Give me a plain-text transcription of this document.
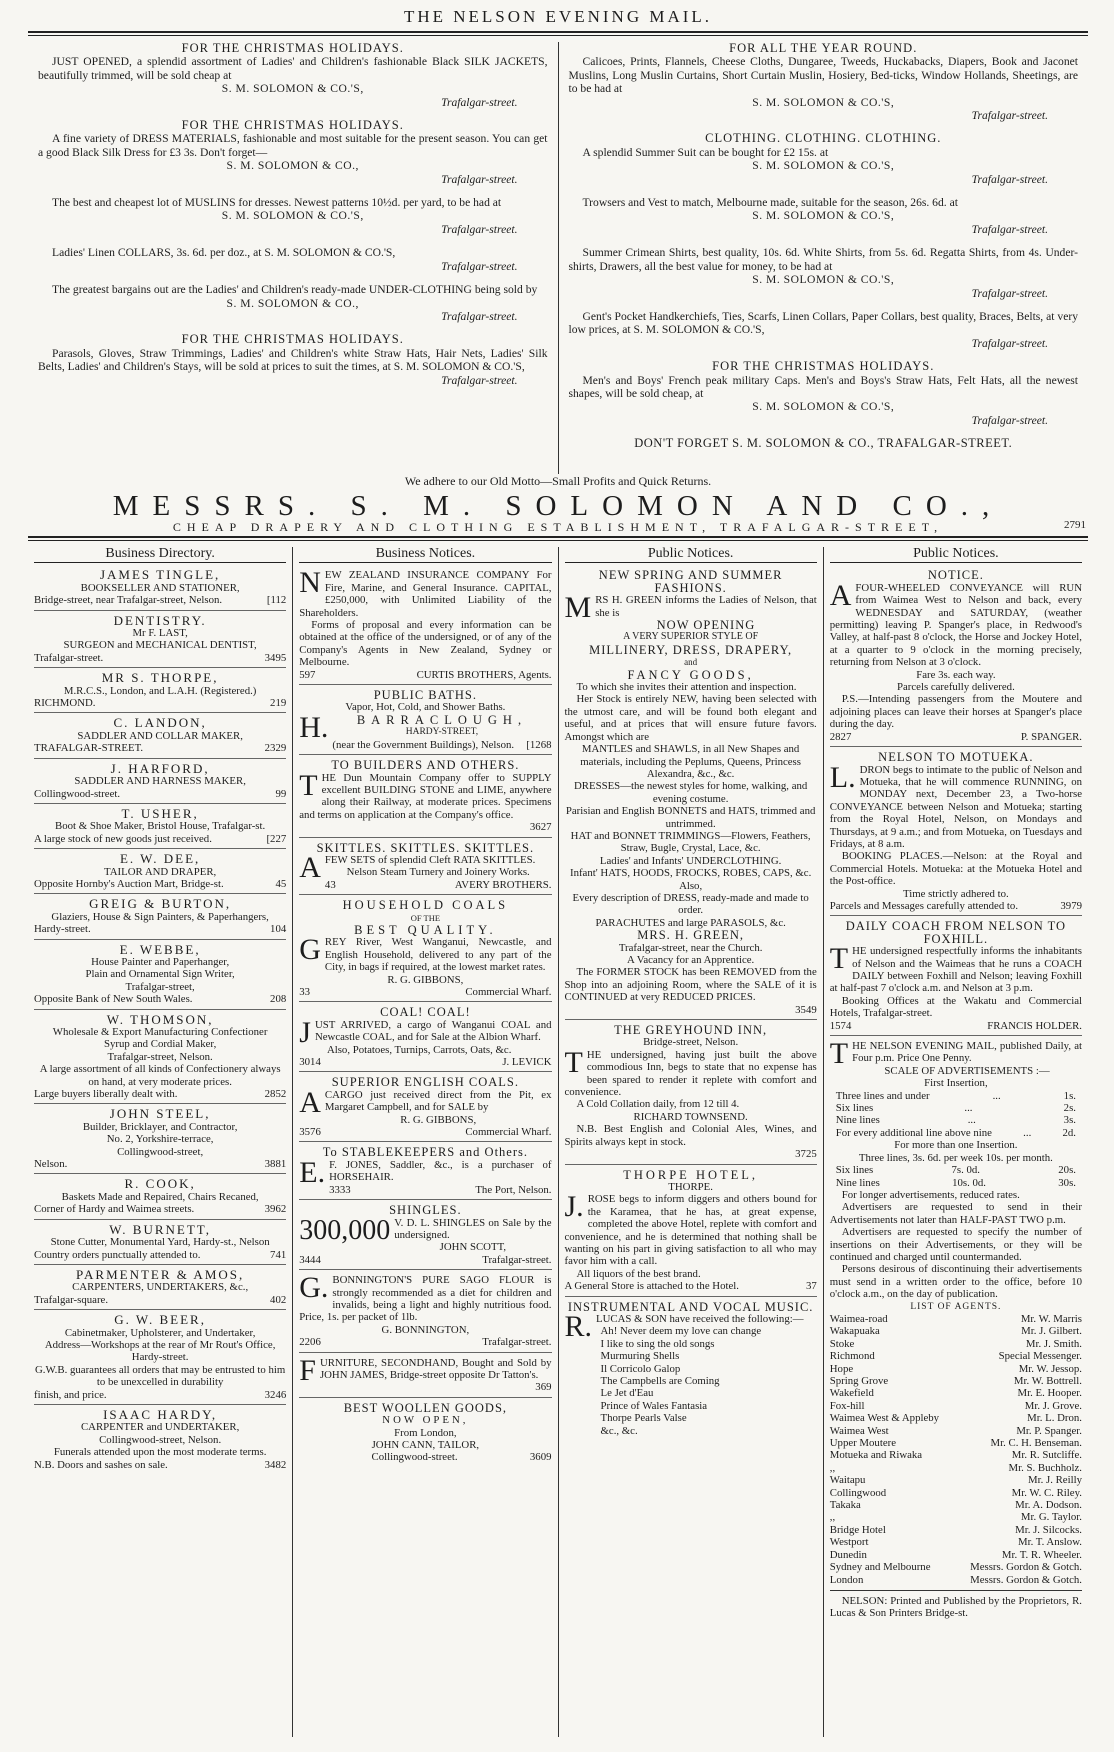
THE NELSON EVENING MAIL.
FOR THE CHRISTMAS HOLIDAYS.
JUST OPENED, a splendid assortment of Ladies' and Children's fashionable Black SILK JACKETS, beautifully trimmed, will be sold cheap at
S. M. SOLOMON & CO.'S,
Trafalgar-street.
FOR THE CHRISTMAS HOLIDAYS.
A fine variety of DRESS MATERIALS, fashionable and most suitable for the present season. You can get a good Black Silk Dress for £3 3s. Don't forget—
S. M. SOLOMON & CO.,
Trafalgar-street.
The best and cheapest lot of MUSLINS for dresses. Newest patterns 10½d. per yard, to be had at
S. M. SOLOMON & CO.'S,
Trafalgar-street.
Ladies' Linen COLLARS, 3s. 6d. per doz., at S. M. SOLOMON & CO.'S,
Trafalgar-street.
The greatest bargains out are the Ladies' and Children's ready-made UNDER-CLOTHING being sold by
S. M. SOLOMON & CO.,
Trafalgar-street.
FOR THE CHRISTMAS HOLIDAYS.
Parasols, Gloves, Straw Trimmings, Ladies' and Children's white Straw Hats, Hair Nets, Ladies' Silk Belts, Ladies' and Children's Stays, will be sold at prices to suit the times, at S. M. SOLOMON & CO.'S,
Trafalgar-street.
FOR ALL THE YEAR ROUND.
Calicoes, Prints, Flannels, Cheese Cloths, Dungaree, Tweeds, Huckabacks, Diapers, Book and Jaconet Muslins, Long Muslin Curtains, Short Curtain Muslin, Hosiery, Bed-ticks, Window Hollands, Sheetings, are to be had at
S. M. SOLOMON & CO.'S,
Trafalgar-street.
CLOTHING. CLOTHING. CLOTHING.
A splendid Summer Suit can be bought for £2 15s. at
S. M. SOLOMON & CO.'S,
Trafalgar-street.
Trowsers and Vest to match, Melbourne made, suitable for the season, 26s. 6d. at
S. M. SOLOMON & CO.'S,
Trafalgar-street.
Summer Crimean Shirts, best quality, 10s. 6d. White Shirts, from 5s. 6d. Regatta Shirts, from 4s. Under-shirts, Drawers, all the best value for money, to be had at
S. M. SOLOMON & CO.'S,
Trafalgar-street.
Gent's Pocket Handkerchiefs, Ties, Scarfs, Linen Collars, Paper Collars, best quality, Braces, Belts, at very low prices, at S. M. SOLOMON & CO.'S,
Trafalgar-street.
FOR THE CHRISTMAS HOLIDAYS.
Men's and Boys' French peak military Caps. Men's and Boys's Straw Hats, Felt Hats, all the newest shapes, will be sold cheap, at
S. M. SOLOMON & CO.'S,
Trafalgar-street.
DON'T FORGET S. M. SOLOMON & CO., TRAFALGAR-STREET.

We adhere to our Old Motto—Small Profits and Quick Returns.

MESSRS. S. M. SOLOMON AND CO.,
CHEAP DRAPERY AND CLOTHING ESTABLISHMENT, TRAFALGAR-STREET,	2791
Business Directory.
JAMES TINGLE,
BOOKSELLER AND STATIONER,
Bridge-street, near Trafalgar-street, Nelson.	[112
DENTISTRY.
Mr F. LAST,
SURGEON and MECHANICAL DENTIST,
Trafalgar-street.	3495
MR S. THORPE,
M.R.C.S., London, and L.A.H. (Registered.)
RICHMOND.	219
C. LANDON,
SADDLER AND COLLAR MAKER,
TRAFALGAR-STREET.	2329
J. HARFORD,
SADDLER AND HARNESS MAKER,
Collingwood-street.	99
T. USHER,
Boot & Shoe Maker, Bristol House, Trafalgar-st.
A large stock of new goods just received.	[227
E. W. DEE,
TAILOR AND DRAPER,
Opposite Hornby's Auction Mart, Bridge-st.	45
GREIG & BURTON,
Glaziers, House & Sign Painters, & Paperhangers,
Hardy-street.	104
E. WEBBE,
House Painter and Paperhanger,
Plain and Ornamental Sign Writer,
Trafalgar-street,
Opposite Bank of New South Wales.	208
W. THOMSON,
Wholesale & Export Manufacturing Confectioner
Syrup and Cordial Maker,
Trafalgar-street, Nelson.
A large assortment of all kinds of Confectionery always on hand, at very moderate prices.
Large buyers liberally dealt with.	2852
JOHN STEEL,
Builder, Bricklayer, and Contractor,
No. 2, Yorkshire-terrace,
Collingwood-street,
Nelson.	3881
R. COOK,
Baskets Made and Repaired, Chairs Recaned,
Corner of Hardy and Waimea streets.	3962
W. BURNETT,
Stone Cutter, Monumental Yard, Hardy-st., Nelson
Country orders punctually attended to.	741
PARMENTER & AMOS,
CARPENTERS, UNDERTAKERS, &c.,
Trafalgar-square.	402
G. W. BEER,
Cabinetmaker, Upholsterer, and Undertaker,
Address—Workshops at the rear of Mr Rout's Office, Hardy-street.
G.W.B. guarantees all orders that may be entrusted to him to be unexcelled in durability
finish, and price.	3246
ISAAC HARDY,
CARPENTER and UNDERTAKER,
Collingwood-street, Nelson.
Funerals attended upon the most moderate terms.
N.B. Doors and sashes on sale.	3482
Business Notices.
N EW ZEALAND INSURANCE COMPANY For Fire, Marine, and General Insurance. CAPITAL, £250,000, with Unlimited Liability of the Shareholders.
Forms of proposal and every information can be obtained at the office of the undersigned, or of any of the Company's Agents in New Zealand, Sydney or Melbourne.
597	CURTIS BROTHERS, Agents.
PUBLIC BATHS.
Vapor, Hot, Cold, and Shower Baths.
H.	BARRACLOUGH,
HARDY-STREET,
(near the Government Buildings), Nelson. [1268
TO BUILDERS AND OTHERS.
T HE Dun Mountain Company offer to SUPPLY excellent BUILDING STONE and LIME, anywhere along their Railway, at moderate prices. Specimens and terms on application at the Company's office.
3627
SKITTLES. SKITTLES. SKITTLES.
A FEW SETS of splendid Cleft RATA SKITTLES.
Nelson Steam Turnery and Joinery Works.
43	AVERY BROTHERS.
HOUSEHOLD COALS
OF THE
BEST QUALITY.
G REY River, West Wanganui, Newcastle, and English Household, delivered to any part of the City, in bags if required, at the lowest market rates.
R. G. GIBBONS,
33	Commercial Wharf.
COAL! COAL!
J UST ARRIVED, a cargo of Wanganui COAL and Newcastle COAL, and for Sale at the Albion Wharf.
Also, Potatoes, Turnips, Carrots, Oats, &c.
3014	J. LEVICK
SUPERIOR ENGLISH COALS.
A CARGO just received direct from the Pit, ex Margaret Campbell, and for SALE by
R. G. GIBBONS,
3576	Commercial Wharf.
To STABLEKEEPERS and Others.
E. F. JONES, Saddler, &c., is a purchaser of HORSEHAIR.
3333	The Port, Nelson.
SHINGLES.
300,000 V. D. L. SHINGLES on Sale by the undersigned.
JOHN SCOTT,
3444	Trafalgar-street.
G. BONNINGTON'S PURE SAGO FLOUR is strongly recommended as a diet for children and invalids, being a light and highly nutritious food. Price, 1s. per packet of 1lb.
G. BONNINGTON,
2206	Trafalgar-street.
F URNITURE, SECONDHAND, Bought and Sold by JOHN JAMES, Bridge-street opposite Dr Tatton's.
369
BEST WOOLLEN GOODS,
NOW OPEN,
From London,
JOHN CANN, TAILOR,
Collingwood-street.	3609
Public Notices.
NEW SPRING AND SUMMER FASHIONS.
M RS H. GREEN informs the Ladies of Nelson, that she is
NOW OPENING
A VERY SUPERIOR STYLE OF
MILLINERY, DRESS, DRAPERY,
and
FANCY GOODS,
To which she invites their attention and inspection.
Her Stock is entirely NEW, having been selected with the utmost care, and will be found both elegant and useful, and at prices that will ensure future favors. Amongst which are
MANTLES and SHAWLS, in all New Shapes and materials, including the Peplums, Queens, Princess Alexandra, &c., &c.
DRESSES—the newest styles for home, walking, and evening costume.
Parisian and English BONNETS and HATS, trimmed and untrimmed.
HAT and BONNET TRIMMINGS—Flowers, Feathers, Straw, Bugle, Crystal, Lace, &c.
Ladies' and Infants' UNDERCLOTHING.
Infant' HATS, HOODS, FROCKS, ROBES, CAPS, &c.
Also,
Every description of DRESS, ready-made and made to order.
PARACHUTES and large PARASOLS, &c.
MRS. H. GREEN,
Trafalgar-street, near the Church.
A Vacancy for an Apprentice.
The FORMER STOCK has been REMOVED from the Shop into an adjoining Room, where the SALE of it is CONTINUED at very REDUCED PRICES.
3549
THE GREYHOUND INN,
Bridge-street, Nelson.
T HE undersigned, having just built the above commodious Inn, begs to state that no expense has been spared to render it replete with comfort and convenience.
A Cold Collation daily, from 12 till 4.
RICHARD TOWNSEND.
N.B. Best English and Colonial Ales, Wines, and Spirits always kept in stock.
3725
THORPE HOTEL,
THORPE.
J. ROSE begs to inform diggers and others bound for the Karamea, that he has, at great expense, completed the above Hotel, replete with comfort and convenience, and he is determined that nothing shall be wanting on his part in giving satisfaction to all who may favor him with a call.
All liquors of the best brand.
A General Store is attached to the Hotel.	37
INSTRUMENTAL AND VOCAL MUSIC.
R. LUCAS & SON have received the following:—
Ah! Never deem my love can change
I like to sing the old songs
Murmuring Shells
Il Corricolo Galop
The Campbells are Coming
Le Jet d'Eau
Prince of Wales Fantasia
Thorpe Pearls Valse
&c., &c.
Public Notices.
NOTICE.
A FOUR-WHEELED CONVEYANCE will RUN from Waimea West to Nelson and back, every WEDNESDAY and SATURDAY, (weather permitting) leaving P. Spanger's place, in Redwood's Valley, at half-past 8 o'clock, the Horse and Jockey Hotel, at a quarter to 9 o'clock in the morning precisely, returning from Nelson at 3 o'clock.
Fare 3s. each way.
Parcels carefully delivered.
P.S.—Intending passengers from the Moutere and adjoining places can leave their horses at Spanger's place during the day.
2827	P. SPANGER.
NELSON TO MOTUEKA.
L. DRON begs to intimate to the public of Nelson and Motueka, that he will commence RUNNING, on MONDAY next, December 23, a Two-horse CONVEYANCE between Nelson and Motueka; starting from the Royal Hotel, Nelson, on Mondays and Thursdays, at 9 a.m.; and from Motueka, on Tuesdays and Fridays, at 8 a.m.
BOOKING PLACES.—Nelson: at the Royal and Commercial Hotels. Motueka: at the Motueka Hotel and the Post-office.
Time strictly adhered to.
Parcels and Messages carefully attended to.	3979
DAILY COACH FROM NELSON TO FOXHILL.
T HE undersigned respectfully informs the inhabitants of Nelson and the Waimeas that he runs a COACH DAILY between Foxhill and Nelson; leaving Foxhill at half-past 7 o'clock a.m. and Nelson at 3 p.m.
Booking Offices at the Wakatu and Commercial Hotels, Trafalgar-street.
1574	FRANCIS HOLDER.
T HE NELSON EVENING MAIL, published Daily, at Four p.m. Price One Penny.
SCALE OF ADVERTISEMENTS :—
First Insertion,
Three lines and under	...	1s.
Six lines	...	2s.
Nine lines	...	3s.
For every additional line above nine	...	2d.
For more than one Insertion.
Three lines, 3s. 6d. per week 10s. per month.
Six lines	7s. 0d.	20s.
Nine lines	10s. 0d.	30s.
For longer advertisements, reduced rates.
Advertisers are requested to send in their Advertisements not later than HALF-PAST TWO p.m.
Advertisers are requested to specify the number of insertions on their Advertisements, or they will be continued and charged until countermanded.
Persons desirous of discontinuing their advertisements must send in a written order to the office, before 10 o'clock a.m., on the day of publication.
LIST OF AGENTS.
Waimea-road	Mr. W. Marris
Wakapuaka	Mr. J. Gilbert.
Stoke	Mr. J. Smith.
Richmond	Special Messenger.
Hope	Mr. W. Jessop.
Spring Grove	Mr. W. Bottrell.
Wakefield	Mr. E. Hooper.
Fox-hill	Mr. J. Grove.
Waimea West & Appleby	Mr. L. Dron.
Waimea West	Mr. P. Spanger.
Upper Moutere	Mr. C. H. Benseman.
Motueka and Riwaka	Mr. R. Sutcliffe.
,,	Mr. S. Buchholz.
Waitapu	Mr. J. Reilly
Collingwood	Mr. W. C. Riley.
Takaka	Mr. A. Dodson.
,,	Mr. G. Taylor.
Bridge Hotel	Mr. J. Silcocks.
Westport	Mr. T. Anslow.
Dunedin	Mr. T. R. Wheeler.
Sydney and Melbourne	Messrs. Gordon & Gotch.
London	Messrs. Gordon & Gotch.
NELSON: Printed and Published by the Proprietors, R. Lucas & Son Printers Bridge-st.
